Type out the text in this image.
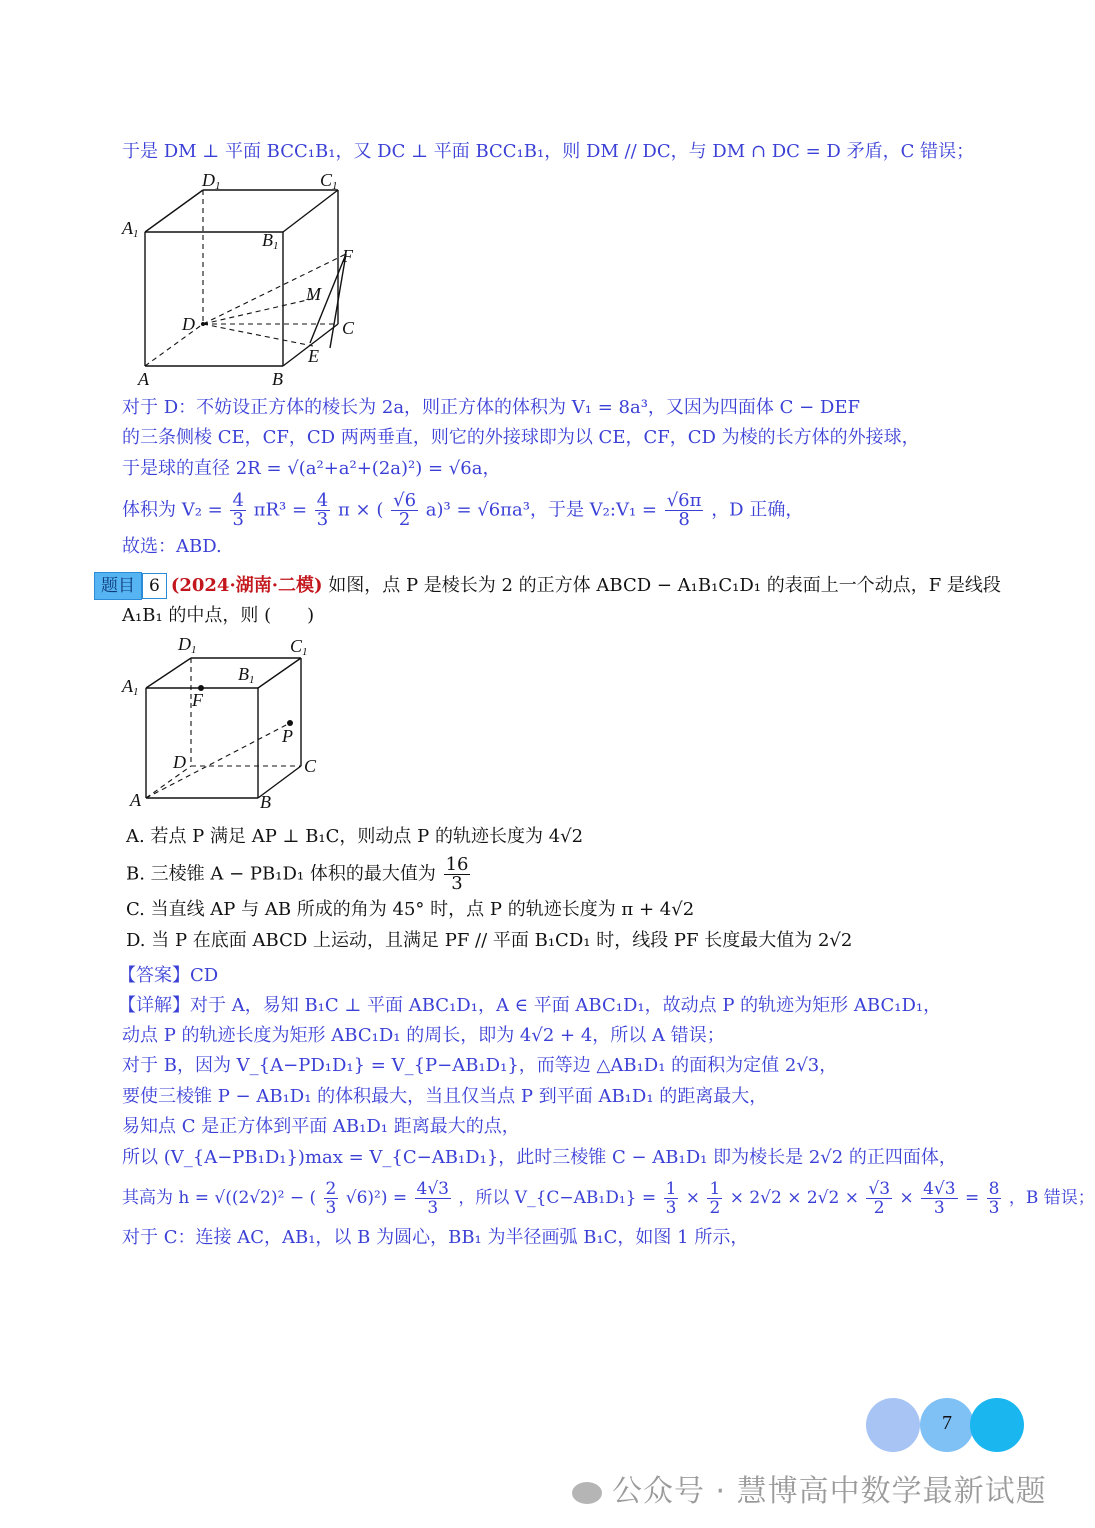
于是 DM ⊥ 平面 BCC₁B₁，又 DC ⊥ 平面 BCC₁B₁，则 DM // DC，与 DM ∩ DC = D 矛盾，C 错误；
D1	C1
A1	B1	F
M
D	C
E
A	B
对于 D：不妨设正方体的棱长为 2a，则正方体的体积为 V₁ = 8a³，又因为四面体 C − DEF
的三条侧棱 CE，CF，CD 两两垂直，则它的外接球即为以 CE，CF，CD 为棱的长方体的外接球，
于是球的直径 2R = √(a²+a²+(2a)²) = √6a，
体积为 $V_2 = \frac{4}{3} \pi R^3 = \frac{4}{3}$ π × ( $\frac{√6}{2} a)^3 = √6\pi a^3$，于是 V₂:V₁ = $\frac{√6\pi}{8}$ ，D 正确，
故选：ABD.
题目 6 (2024·湖南·二模) 如图，点 P 是棱长为 2 的正方体 ABCD − A₁B₁C₁D₁ 的表面上一个动点，F 是线段
A₁B₁ 的中点，则 (　　)
D1	C1
A1
B1
F
P
D	C
A	B
A. 若点 P 满足 AP ⊥ B₁C，则动点 P 的轨迹长度为 4√2
B. 三棱锥 A − PB₁D₁ 体积的最大值为 $\frac{16}{3}$
C. 当直线 AP 与 AB 所成的角为 45° 时，点 P 的轨迹长度为 π + 4√2
D. 当 P 在底面 ABCD 上运动，且满足 PF // 平面 B₁CD₁ 时，线段 PF 长度最大值为 2√2
【答案】CD
【详解】对于 A，易知 B₁C ⊥ 平面 ABC₁D₁，A ∈ 平面 ABC₁D₁，故动点 P 的轨迹为矩形 ABC₁D₁，
动点 P 的轨迹长度为矩形 ABC₁D₁ 的周长，即为 4√2 + 4，所以 A 错误；
对于 B，因为 V_{A−PD₁D₁} = V_{P−AB₁D₁}，而等边 △AB₁D₁ 的面积为定值 2√3，
要使三棱锥 P − AB₁D₁ 的体积最大，当且仅当点 P 到平面 AB₁D₁ 的距离最大，
易知点 C 是正方体到平面 AB₁D₁ 距离最大的点，
所以 (V_{A−PB₁D₁})max = V_{C−AB₁D₁}，此时三棱锥 C − AB₁D₁ 即为棱长是 2√2 的正四面体，
其高为 h = √((2√2)² − ( $\frac{2}{3} √6)^2) = \frac{4√3}{3}$ ，所以 V_{C−AB₁D₁} = $\frac{1}{3} \times \frac{1}{2} \times 2√2 \times 2√2 \times \frac{√3}{2} \times \frac{4√3}{3} = \frac{8}{3}$ ，B 错误；
对于 C：连接 AC，AB₁，以 B 为圆心，BB₁ 为半径画弧 B₁C，如图 1 所示，
7
公众号 · 慧博高中数学最新试题
